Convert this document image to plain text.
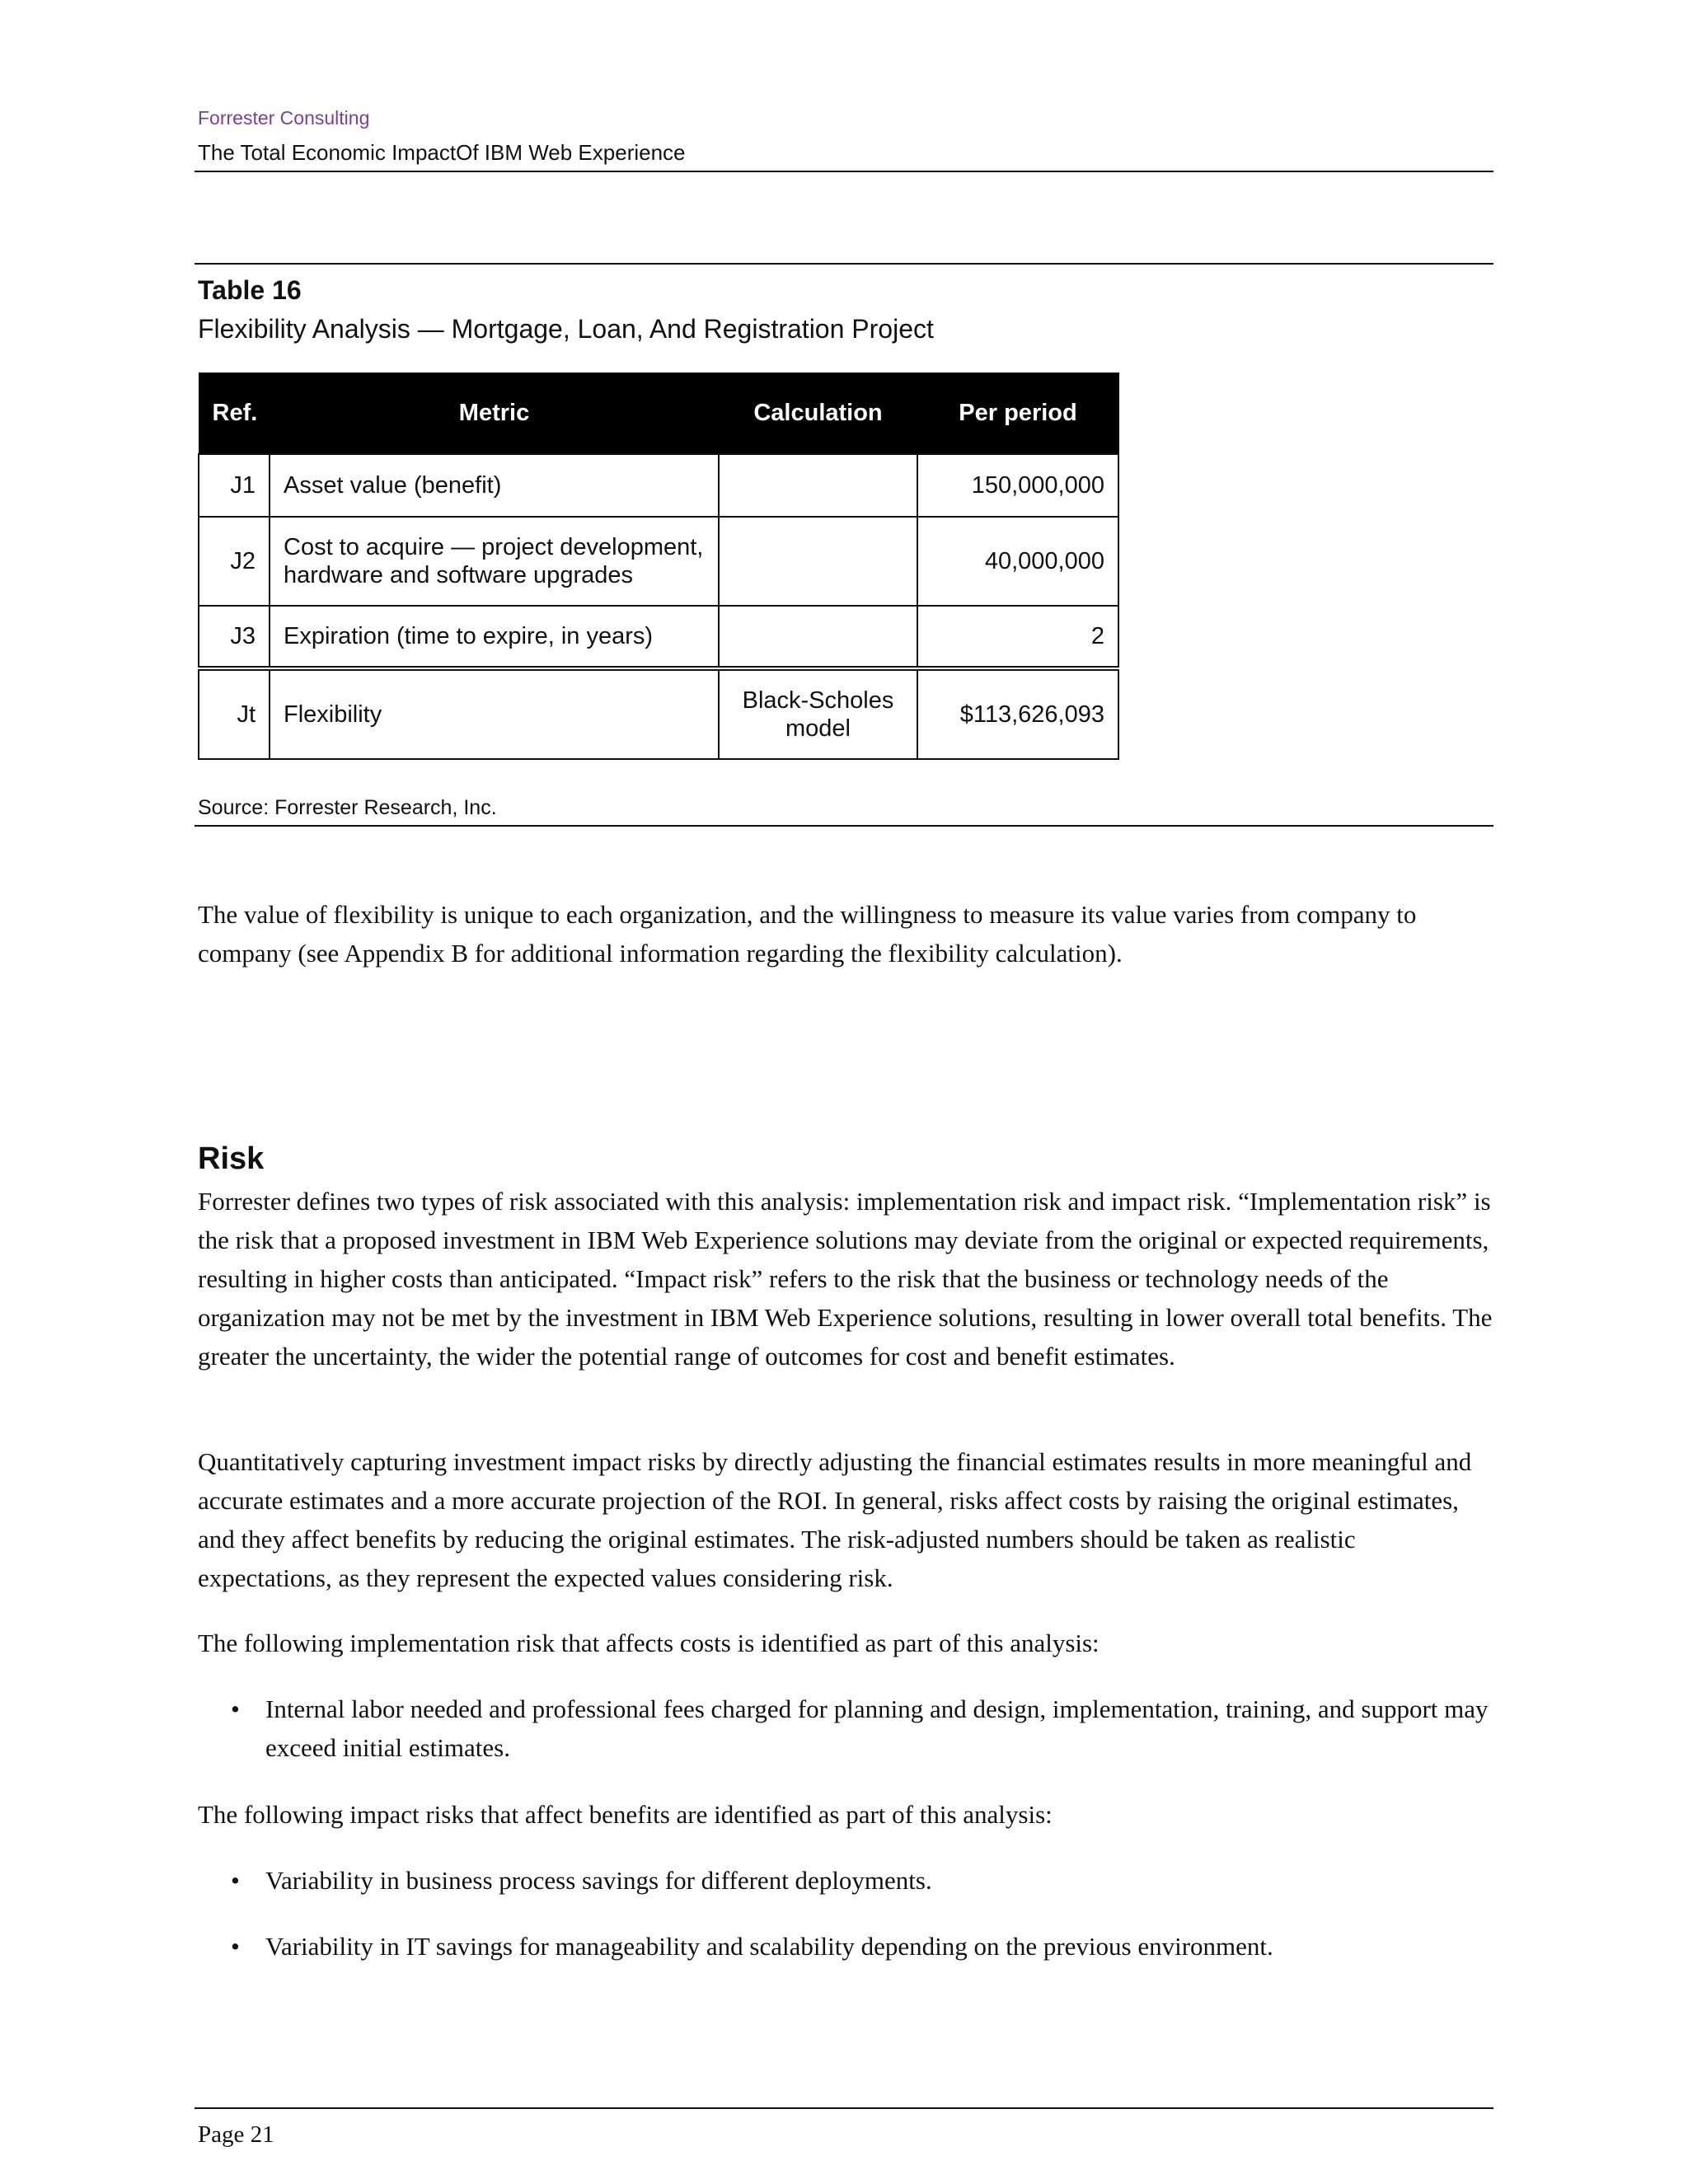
Forrester Consulting
The Total Economic ImpactOf IBM Web Experience
Table 16
Flexibility Analysis — Mortgage, Loan, And Registration Project
Ref.	Metric	Calculation	Per period
J1	Asset value (benefit)		150,000,000
J2	Cost to acquire — project development, hardware and software upgrades		40,000,000
J3	Expiration (time to expire, in years)		2
Jt	Flexibility	Black-Scholes model	$113,626,093
Source: Forrester Research, Inc.

The value of flexibility is unique to each organization, and the willingness to measure its value varies from company to company (see Appendix B for additional information regarding the flexibility calculation).

Risk

Forrester defines two types of risk associated with this analysis: implementation risk and impact risk. “Implementation risk” is the risk that a proposed investment in IBM Web Experience solutions may deviate from the original or expected requirements, resulting in higher costs than anticipated. “Impact risk” refers to the risk that the business or technology needs of the organization may not be met by the investment in IBM Web Experience solutions, resulting in lower overall total benefits. The greater the uncertainty, the wider the potential range of outcomes for cost and benefit estimates.

Quantitatively capturing investment impact risks by directly adjusting the financial estimates results in more meaningful and accurate estimates and a more accurate projection of the ROI. In general, risks affect costs by raising the original estimates, and they affect benefits by reducing the original estimates. The risk-adjusted numbers should be taken as realistic expectations, as they represent the expected values considering risk.

The following implementation risk that affects costs is identified as part of this analysis:

•	Internal labor needed and professional fees charged for planning and design, implementation, training, and support may exceed initial estimates.

The following impact risks that affect benefits are identified as part of this analysis:

•	Variability in business process savings for different deployments.
•	Variability in IT savings for manageability and scalability depending on the previous environment.
Page 21
